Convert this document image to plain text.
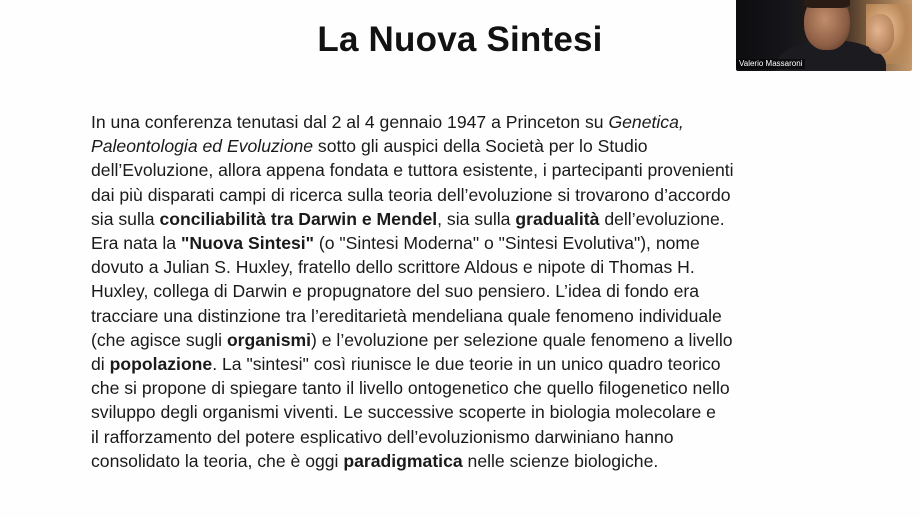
La Nuova Sintesi
In una conferenza tenutasi dal 2 al 4 gennaio 1947 a Princeton su Genetica,
Paleontologia ed Evoluzione sotto gli auspici della Società per lo Studio
dell’Evoluzione, allora appena fondata e tuttora esistente, i partecipanti provenienti
dai più disparati campi di ricerca sulla teoria dell’evoluzione si trovarono d’accordo
sia sulla conciliabilità tra Darwin e Mendel, sia sulla gradualità dell’evoluzione.
Era nata la "Nuova Sintesi" (o "Sintesi Moderna" o "Sintesi Evolutiva"), nome
dovuto a Julian S. Huxley, fratello dello scrittore Aldous e nipote di Thomas H.
Huxley, collega di Darwin e propugnatore del suo pensiero. L’idea di fondo era
tracciare una distinzione tra l’ereditarietà mendeliana quale fenomeno individuale
(che agisce sugli organismi) e l’evoluzione per selezione quale fenomeno a livello
di popolazione. La "sintesi" così riunisce le due teorie in un unico quadro teorico
che si propone di spiegare tanto il livello ontogenetico che quello filogenetico nello
sviluppo degli organismi viventi. Le successive scoperte in biologia molecolare e
il rafforzamento del potere esplicativo dell’evoluzionismo darwiniano hanno
consolidato la teoria, che è oggi paradigmatica nelle scienze biologiche.
Valerio Massaroni
